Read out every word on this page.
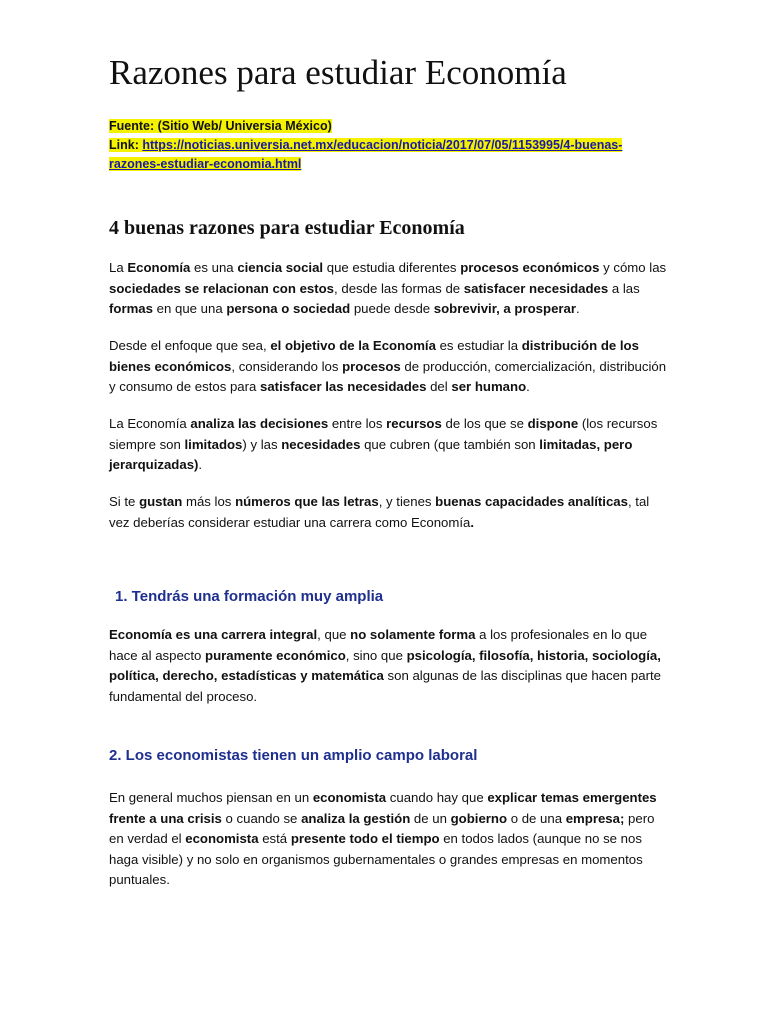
Razones para estudiar Economía
Fuente: (Sitio Web/ Universia México)
Link: https://noticias.universia.net.mx/educacion/noticia/2017/07/05/1153995/4-buenas-razones-estudiar-economia.html
4 buenas razones para estudiar Economía

La Economía es una ciencia social que estudia diferentes procesos económicos y cómo las sociedades se relacionan con estos, desde las formas de satisfacer necesidades a las formas en que una persona o sociedad puede desde sobrevivir, a prosperar.

Desde el enfoque que sea, el objetivo de la Economía es estudiar la distribución de los bienes económicos, considerando los procesos de producción, comercialización, distribución y consumo de estos para satisfacer las necesidades del ser humano.

La Economía analiza las decisiones entre los recursos de los que se dispone (los recursos siempre son limitados) y las necesidades que cubren (que también son limitadas, pero jerarquizadas).

Si te gustan más los números que las letras, y tienes buenas capacidades analíticas, tal vez deberías considerar estudiar una carrera como Economía.

1. Tendrás una formación muy amplia

Economía es una carrera integral, que no solamente forma a los profesionales en lo que hace al aspecto puramente económico, sino que psicología, filosofía, historia, sociología, política, derecho, estadísticas y matemática son algunas de las disciplinas que hacen parte fundamental del proceso.

2. Los economistas tienen un amplio campo laboral

En general muchos piensan en un economista cuando hay que explicar temas emergentes frente a una crisis o cuando se analiza la gestión de un gobierno o de una empresa; pero en verdad el economista está presente todo el tiempo en todos lados (aunque no se nos haga visible) y no solo en organismos gubernamentales o grandes empresas en momentos puntuales.
